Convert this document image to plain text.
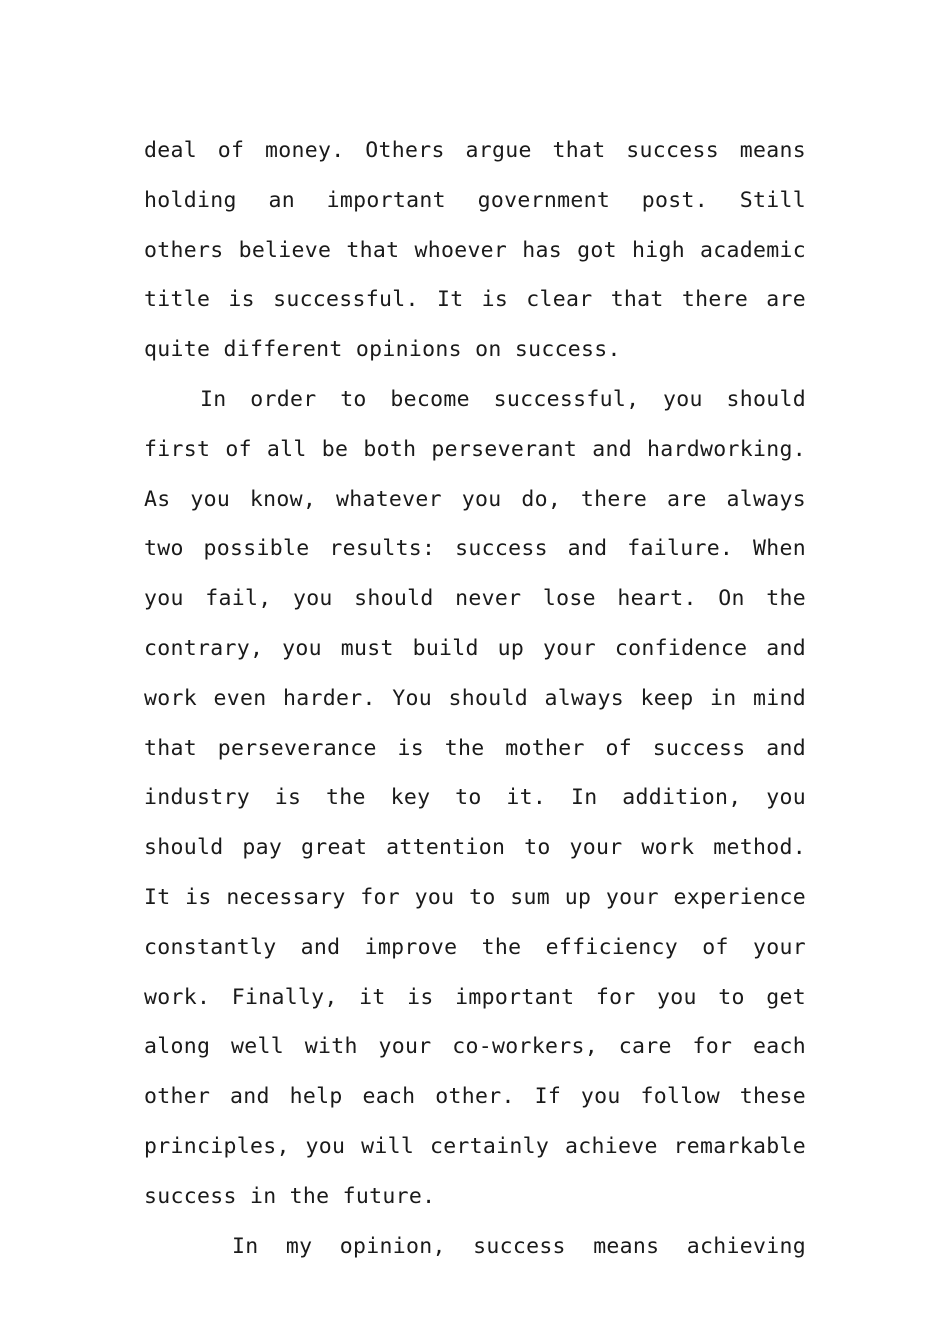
deal of money. Others argue that success means holding an important government post. Still others believe that whoever has got high academic title is successful. It is clear that there are quite different opinions on success.

In order to become successful, you should first of all be both perseverant and hardworking. As you know, whatever you do, there are always two possible results: success and failure. When you fail, you should never lose heart. On the contrary, you must build up your confidence and work even harder. You should always keep in mind that perseverance is the mother of success and industry is the key to it. In addition, you should pay great attention to your work method. It is necessary for you to sum up your experience constantly and improve the efficiency of your work. Finally, it is important for you to get along well with your co-workers, care for each other and help each other. If you follow these principles, you will certainly achieve remarkable success in the future.

In my opinion, success means achieving
